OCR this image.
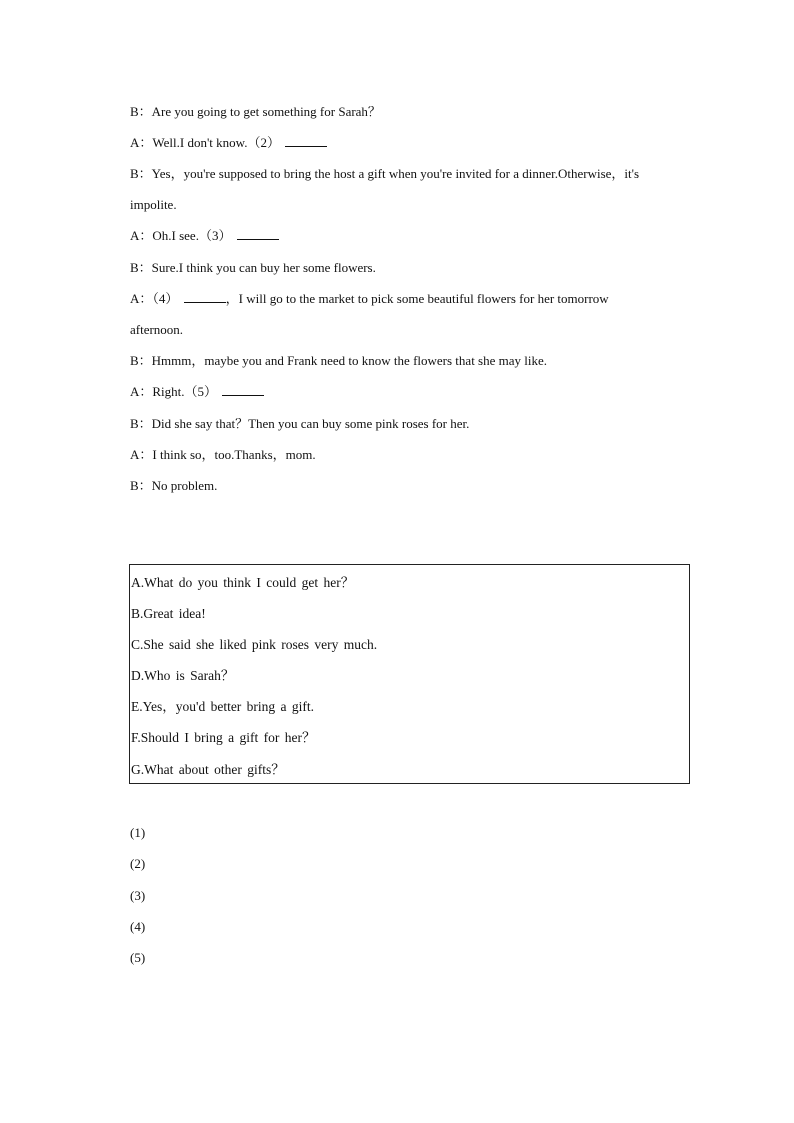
B：Are you going to get something for Sarah？
A：Well.I don't know.（2）
B：Yes，you're supposed to bring the host a gift when you're invited for a dinner.Otherwise，it's
impolite.
A：Oh.I see.（3）
B：Sure.I think you can buy her some flowers.
A：（4）	，I will go to the market to pick some beautiful flowers for her tomorrow
afternoon.
B：Hmmm，maybe you and Frank need to know the flowers that she may like.
A：Right.（5）
B：Did she say that？Then you can buy some pink roses for her.
A：I think so，too.Thanks，mom.
B：No problem.
A.What do you think I could get her？
B.Great idea!
C.She said she liked pink roses very much.
D.Who is Sarah？
E.Yes，you'd better bring a gift.
F.Should I bring a gift for her？
G.What about other gifts？
(1)
(2)
(3)
(4)
(5)
